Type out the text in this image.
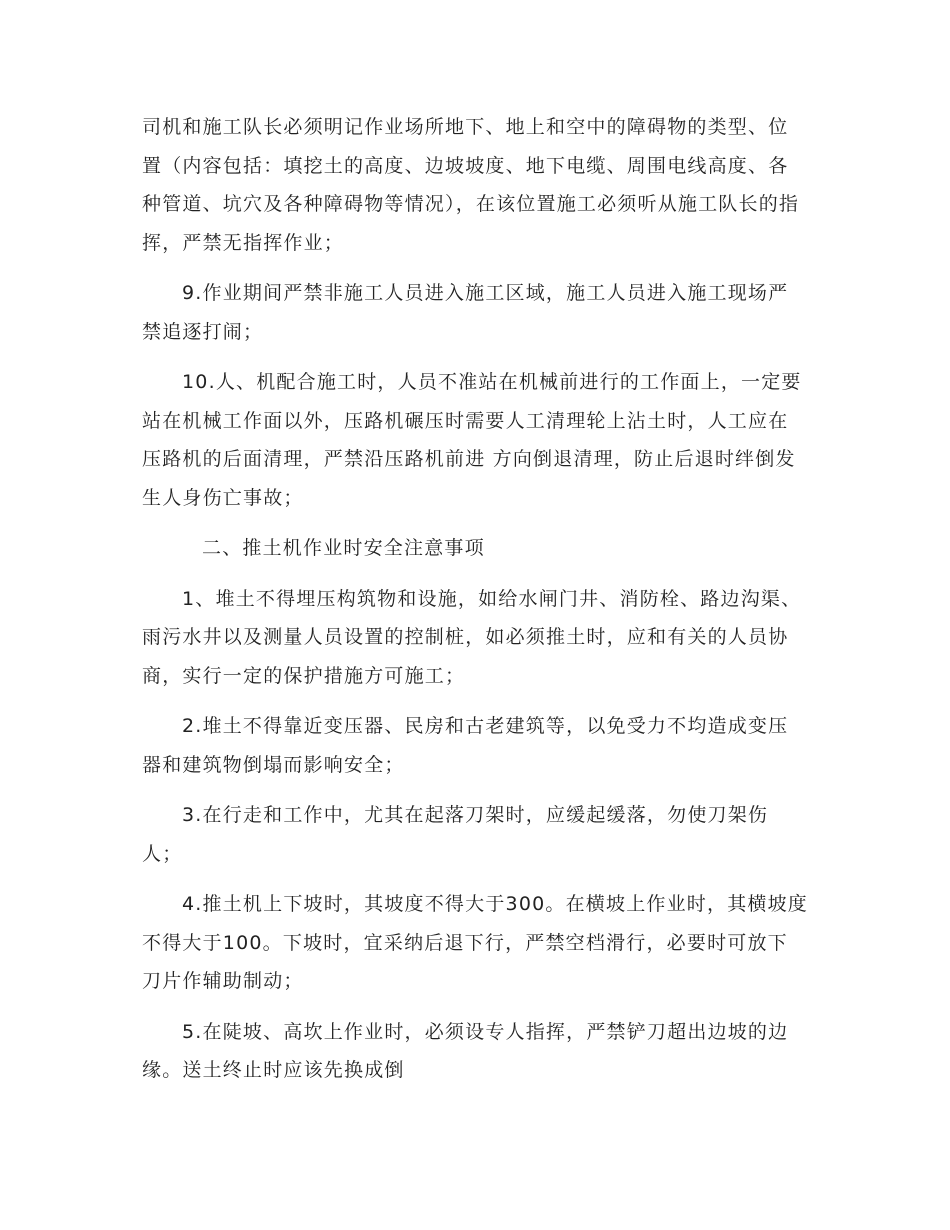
司机和施工队长必须明记作业场所地下、地上和空中的障碍物的类型、位置（内容包括：填挖土的高度、边坡坡度、地下电缆、周围电线高度、各种管道、坑穴及各种障碍物等情况），在该位置施工必须听从施工队长的指挥，严禁无指挥作业；

9.作业期间严禁非施工人员进入施工区域，施工人员进入施工现场严禁追逐打闹；

10.人、机配合施工时，人员不准站在机械前进行的工作面上，一定要站在机械工作面以外，压路机碾压时需要人工清理轮上沾土时，人工应在压路机的后面清理，严禁沿压路机前进 方向倒退清理，防止后退时绊倒发生人身伤亡事故；

二、推土机作业时安全注意事项

1、堆土不得埋压构筑物和设施，如给水闸门井、消防栓、路边沟渠、雨污水井以及测量人员设置的控制桩，如必须推土时，应和有关的人员协商，实行一定的保护措施方可施工；

2.堆土不得靠近变压器、民房和古老建筑等，以免受力不均造成变压器和建筑物倒塌而影响安全；

3.在行走和工作中，尤其在起落刀架时，应缓起缓落，勿使刀架伤人；

4.推土机上下坡时，其坡度不得大于300。在横坡上作业时，其横坡度不得大于100。下坡时，宜采纳后退下行，严禁空档滑行，必要时可放下刀片作辅助制动；

5.在陡坡、高坎上作业时，必须设专人指挥，严禁铲刀超出边坡的边缘。送土终止时应该先换成倒
